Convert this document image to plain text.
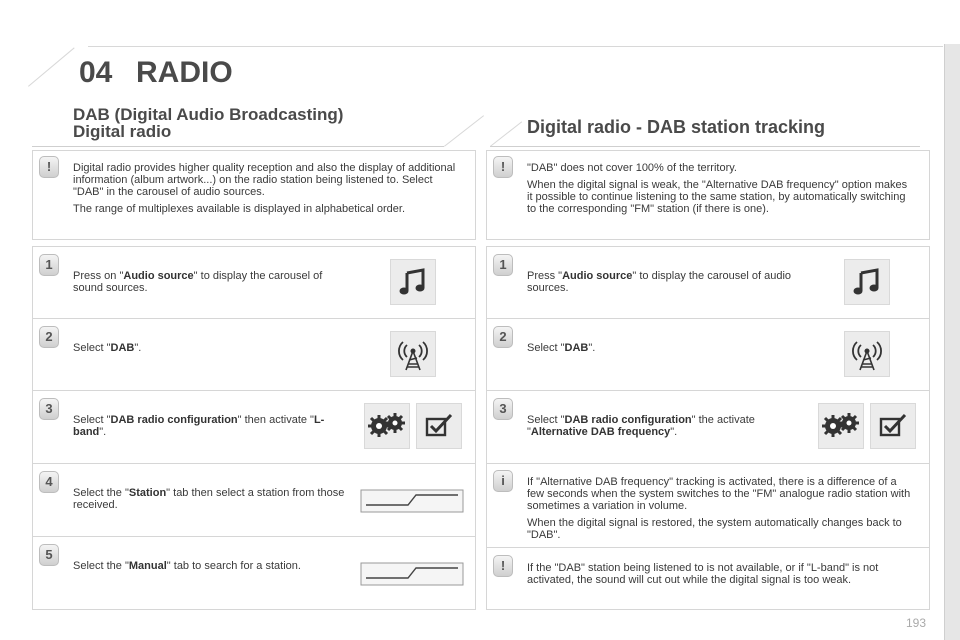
04 RADIO
DAB (Digital Audio Broadcasting)
Digital radio	Digital radio - DAB station tracking
!	Digital radio provides higher quality reception and also the display of additional information (album artwork...) on the radio station being listened to. Select "DAB" in the carousel of audio sources.

The range of multiplexes available is displayed in alphabetical order.

!	"DAB" does not cover 100% of the territory.

When the digital signal is weak, the "Alternative DAB frequency" option makes it possible to continue listening to the same station, by automatically switching to the corresponding "FM" station (if there is one).

i	If "Alternative DAB frequency" tracking is activated, there is a difference of a few seconds when the system switches to the "FM" analogue radio station with sometimes a variation in volume.

When the digital signal is restored, the system automatically changes back to "DAB".

!	If the "DAB" station being listened to is not available, or if "L-band" is not activated, the sound will cut out while the digital signal is too weak.

193
1
Press on "Audio source" to display the carousel of sound sources.
2
Select "DAB".
3
Select "DAB radio configuration" then activate "L-band".
4
Select the "Station" tab then select a station from those received.
5
Select the "Manual" tab to search for a station.
1
Press "Audio source" to display the carousel of audio sources.
2
Select "DAB".
3
Select "DAB radio configuration" the activate "Alternative DAB frequency".
